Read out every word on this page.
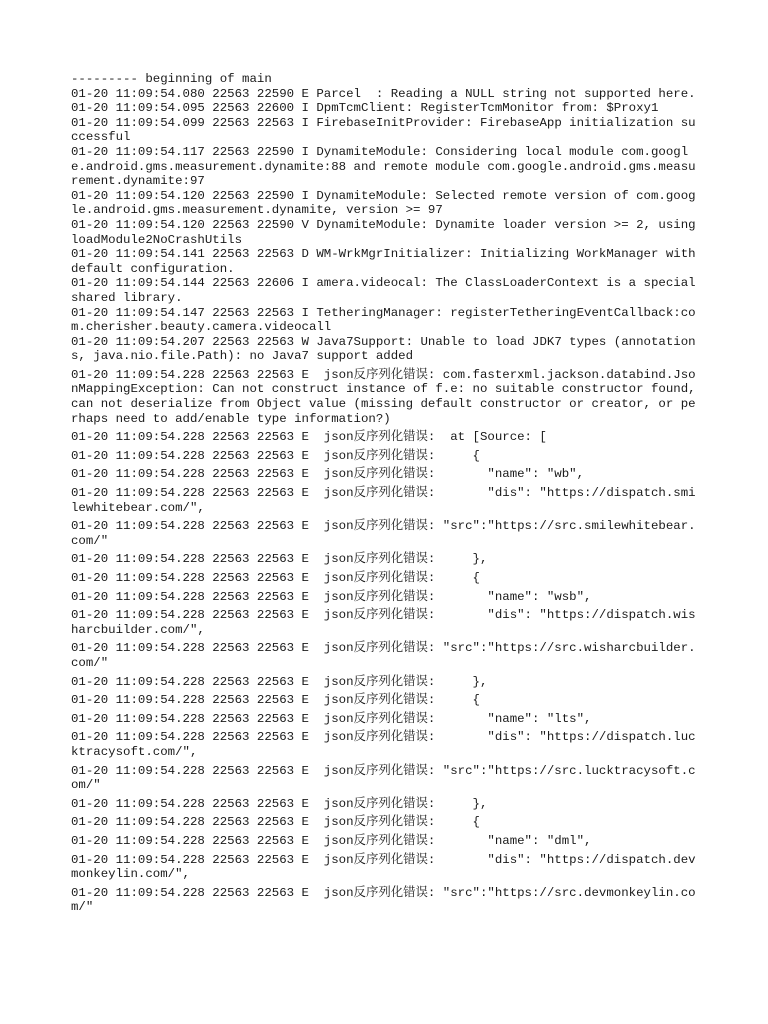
--------- beginning of main

01-20 11:09:54.080 22563 22590 E Parcel  : Reading a NULL string not supported here.

01-20 11:09:54.095 22563 22600 I DpmTcmClient: RegisterTcmMonitor from: $Proxy1

01-20 11:09:54.099 22563 22563 I FirebaseInitProvider: FirebaseApp initialization successful

01-20 11:09:54.117 22563 22590 I DynamiteModule: Considering local module com.google.android.gms.measurement.dynamite:88 and remote module com.google.android.gms.measurement.dynamite:97

01-20 11:09:54.120 22563 22590 I DynamiteModule: Selected remote version of com.google.android.gms.measurement.dynamite, version >= 97

01-20 11:09:54.120 22563 22590 V DynamiteModule: Dynamite loader version >= 2, using loadModule2NoCrashUtils

01-20 11:09:54.141 22563 22563 D WM-WrkMgrInitializer: Initializing WorkManager with default configuration.

01-20 11:09:54.144 22563 22606 I amera.videocal: The ClassLoaderContext is a special shared library.

01-20 11:09:54.147 22563 22563 I TetheringManager: registerTetheringEventCallback:com.cherisher.beauty.camera.videocall

01-20 11:09:54.207 22563 22563 W Java7Support: Unable to load JDK7 types (annotations, java.nio.file.Path): no Java7 support added

01-20 11:09:54.228 22563 22563 E  json反序列化错误: com.fasterxml.jackson.databind.JsonMappingException: Can not construct instance of f.e: no suitable constructor found, can not deserialize from Object value (missing default constructor or creator, or perhaps need to add/enable type information?)

01-20 11:09:54.228 22563 22563 E  json反序列化错误:  at [Source: [

01-20 11:09:54.228 22563 22563 E  json反序列化错误:     {

01-20 11:09:54.228 22563 22563 E  json反序列化错误:       "name": "wb",

01-20 11:09:54.228 22563 22563 E  json反序列化错误:       "dis": "https://dispatch.smilewhitebear.com/",

01-20 11:09:54.228 22563 22563 E  json反序列化错误: "src":"https://src.smilewhitebear.com/"

01-20 11:09:54.228 22563 22563 E  json反序列化错误:     },

01-20 11:09:54.228 22563 22563 E  json反序列化错误:     {

01-20 11:09:54.228 22563 22563 E  json反序列化错误:       "name": "wsb",

01-20 11:09:54.228 22563 22563 E  json反序列化错误:       "dis": "https://dispatch.wisharcbuilder.com/",

01-20 11:09:54.228 22563 22563 E  json反序列化错误: "src":"https://src.wisharcbuilder.com/"

01-20 11:09:54.228 22563 22563 E  json反序列化错误:     },

01-20 11:09:54.228 22563 22563 E  json反序列化错误:     {

01-20 11:09:54.228 22563 22563 E  json反序列化错误:       "name": "lts",

01-20 11:09:54.228 22563 22563 E  json反序列化错误:       "dis": "https://dispatch.lucktracysoft.com/",

01-20 11:09:54.228 22563 22563 E  json反序列化错误: "src":"https://src.lucktracysoft.com/"

01-20 11:09:54.228 22563 22563 E  json反序列化错误:     },

01-20 11:09:54.228 22563 22563 E  json反序列化错误:     {

01-20 11:09:54.228 22563 22563 E  json反序列化错误:       "name": "dml",

01-20 11:09:54.228 22563 22563 E  json反序列化错误:       "dis": "https://dispatch.devmonkeylin.com/",

01-20 11:09:54.228 22563 22563 E  json反序列化错误: "src":"https://src.devmonkeylin.com/"
